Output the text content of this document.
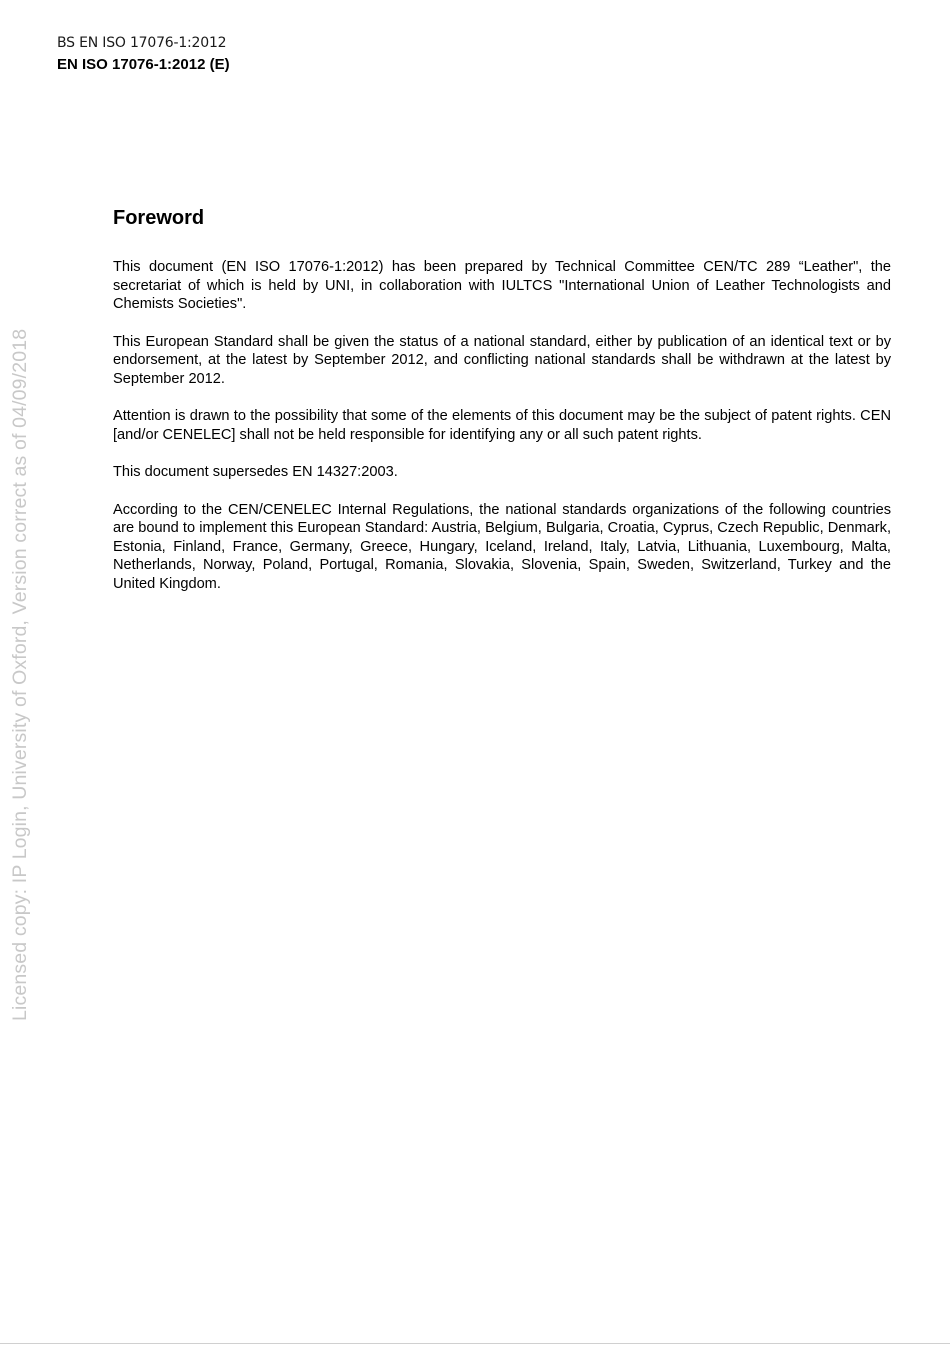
BS EN ISO 17076-1:2012
EN ISO 17076-1:2012 (E)
Licensed copy: IP Login, University of Oxford, Version correct as of 04/09/2018
Foreword

This document (EN ISO 17076-1:2012) has been prepared by Technical Committee CEN/TC 289 “Leather", the secretariat of which is held by UNI, in collaboration with IULTCS "International Union of Leather Technologists and Chemists Societies".

This European Standard shall be given the status of a national standard, either by publication of an identical text or by endorsement, at the latest by September 2012, and conflicting national standards shall be withdrawn at the latest by September 2012.

Attention is drawn to the possibility that some of the elements of this document may be the subject of patent rights. CEN [and/or CENELEC] shall not be held responsible for identifying any or all such patent rights.

This document supersedes EN 14327:2003.

According to the CEN/CENELEC Internal Regulations, the national standards organizations of the following countries are bound to implement this European Standard: Austria, Belgium, Bulgaria, Croatia, Cyprus, Czech Republic, Denmark, Estonia, Finland, France, Germany, Greece, Hungary, Iceland, Ireland, Italy, Latvia, Lithuania, Luxembourg, Malta, Netherlands, Norway, Poland, Portugal, Romania, Slovakia, Slovenia, Spain, Sweden, Switzerland, Turkey and the United Kingdom.
